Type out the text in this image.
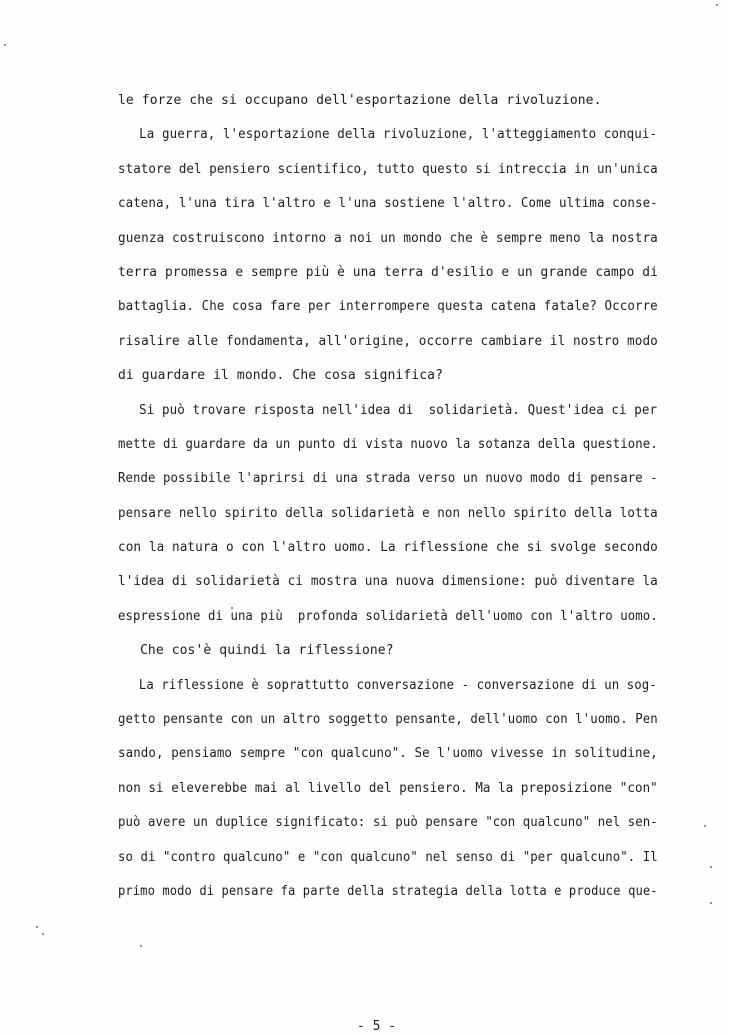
le forze che si occupano dell'esportazione della rivoluzione.
La guerra, l'esportazione della rivoluzione, l'atteggiamento conqui-
statore del pensiero scientifico, tutto questo si intreccia in un'unica
catena, l'una tira l'altro e l'una sostiene l'altro. Come ultima conse-
guenza costruiscono intorno a noi un mondo che è sempre meno la nostra
terra promessa e sempre più è una terra d'esilio e un grande campo di
battaglia. Che cosa fare per interrompere questa catena fatale? Occorre
risalire alle fondamenta, all'origine, occorre cambiare il nostro modo
di guardare il mondo. Che cosa significa?
Si può trovare risposta nell'idea di  solidarietà. Quest'idea ci per
mette di guardare da un punto di vista nuovo la sotanza della questione.
Rende possibile l'aprirsi di una strada verso un nuovo modo di pensare -
pensare nello spirito della solidarietà e non nello spirito della lotta
con la natura o con l'altro uomo. La riflessione che si svolge secondo
l'idea di solidarietà ci mostra una nuova dimensione: può diventare la
espressione di una più  profonda solidarietà dell'uomo con l'altro uomo.
Che cos'è quindi la riflessione?
La riflessione è soprattutto conversazione - conversazione di un sog-
getto pensante con un altro soggetto pensante, dell'uomo con l'uomo. Pen
sando, pensiamo sempre "con qualcuno". Se l'uomo vivesse in solitudine,
non si eleverebbe mai al livello del pensiero. Ma la preposizione "con"
può avere un duplice significato: si può pensare "con qualcuno" nel sen-
so di "contro qualcuno" e "con qualcuno" nel senso di "per qualcuno". Il
primo modo di pensare fa parte della strategia della lotta e produce que-
- 5 -
